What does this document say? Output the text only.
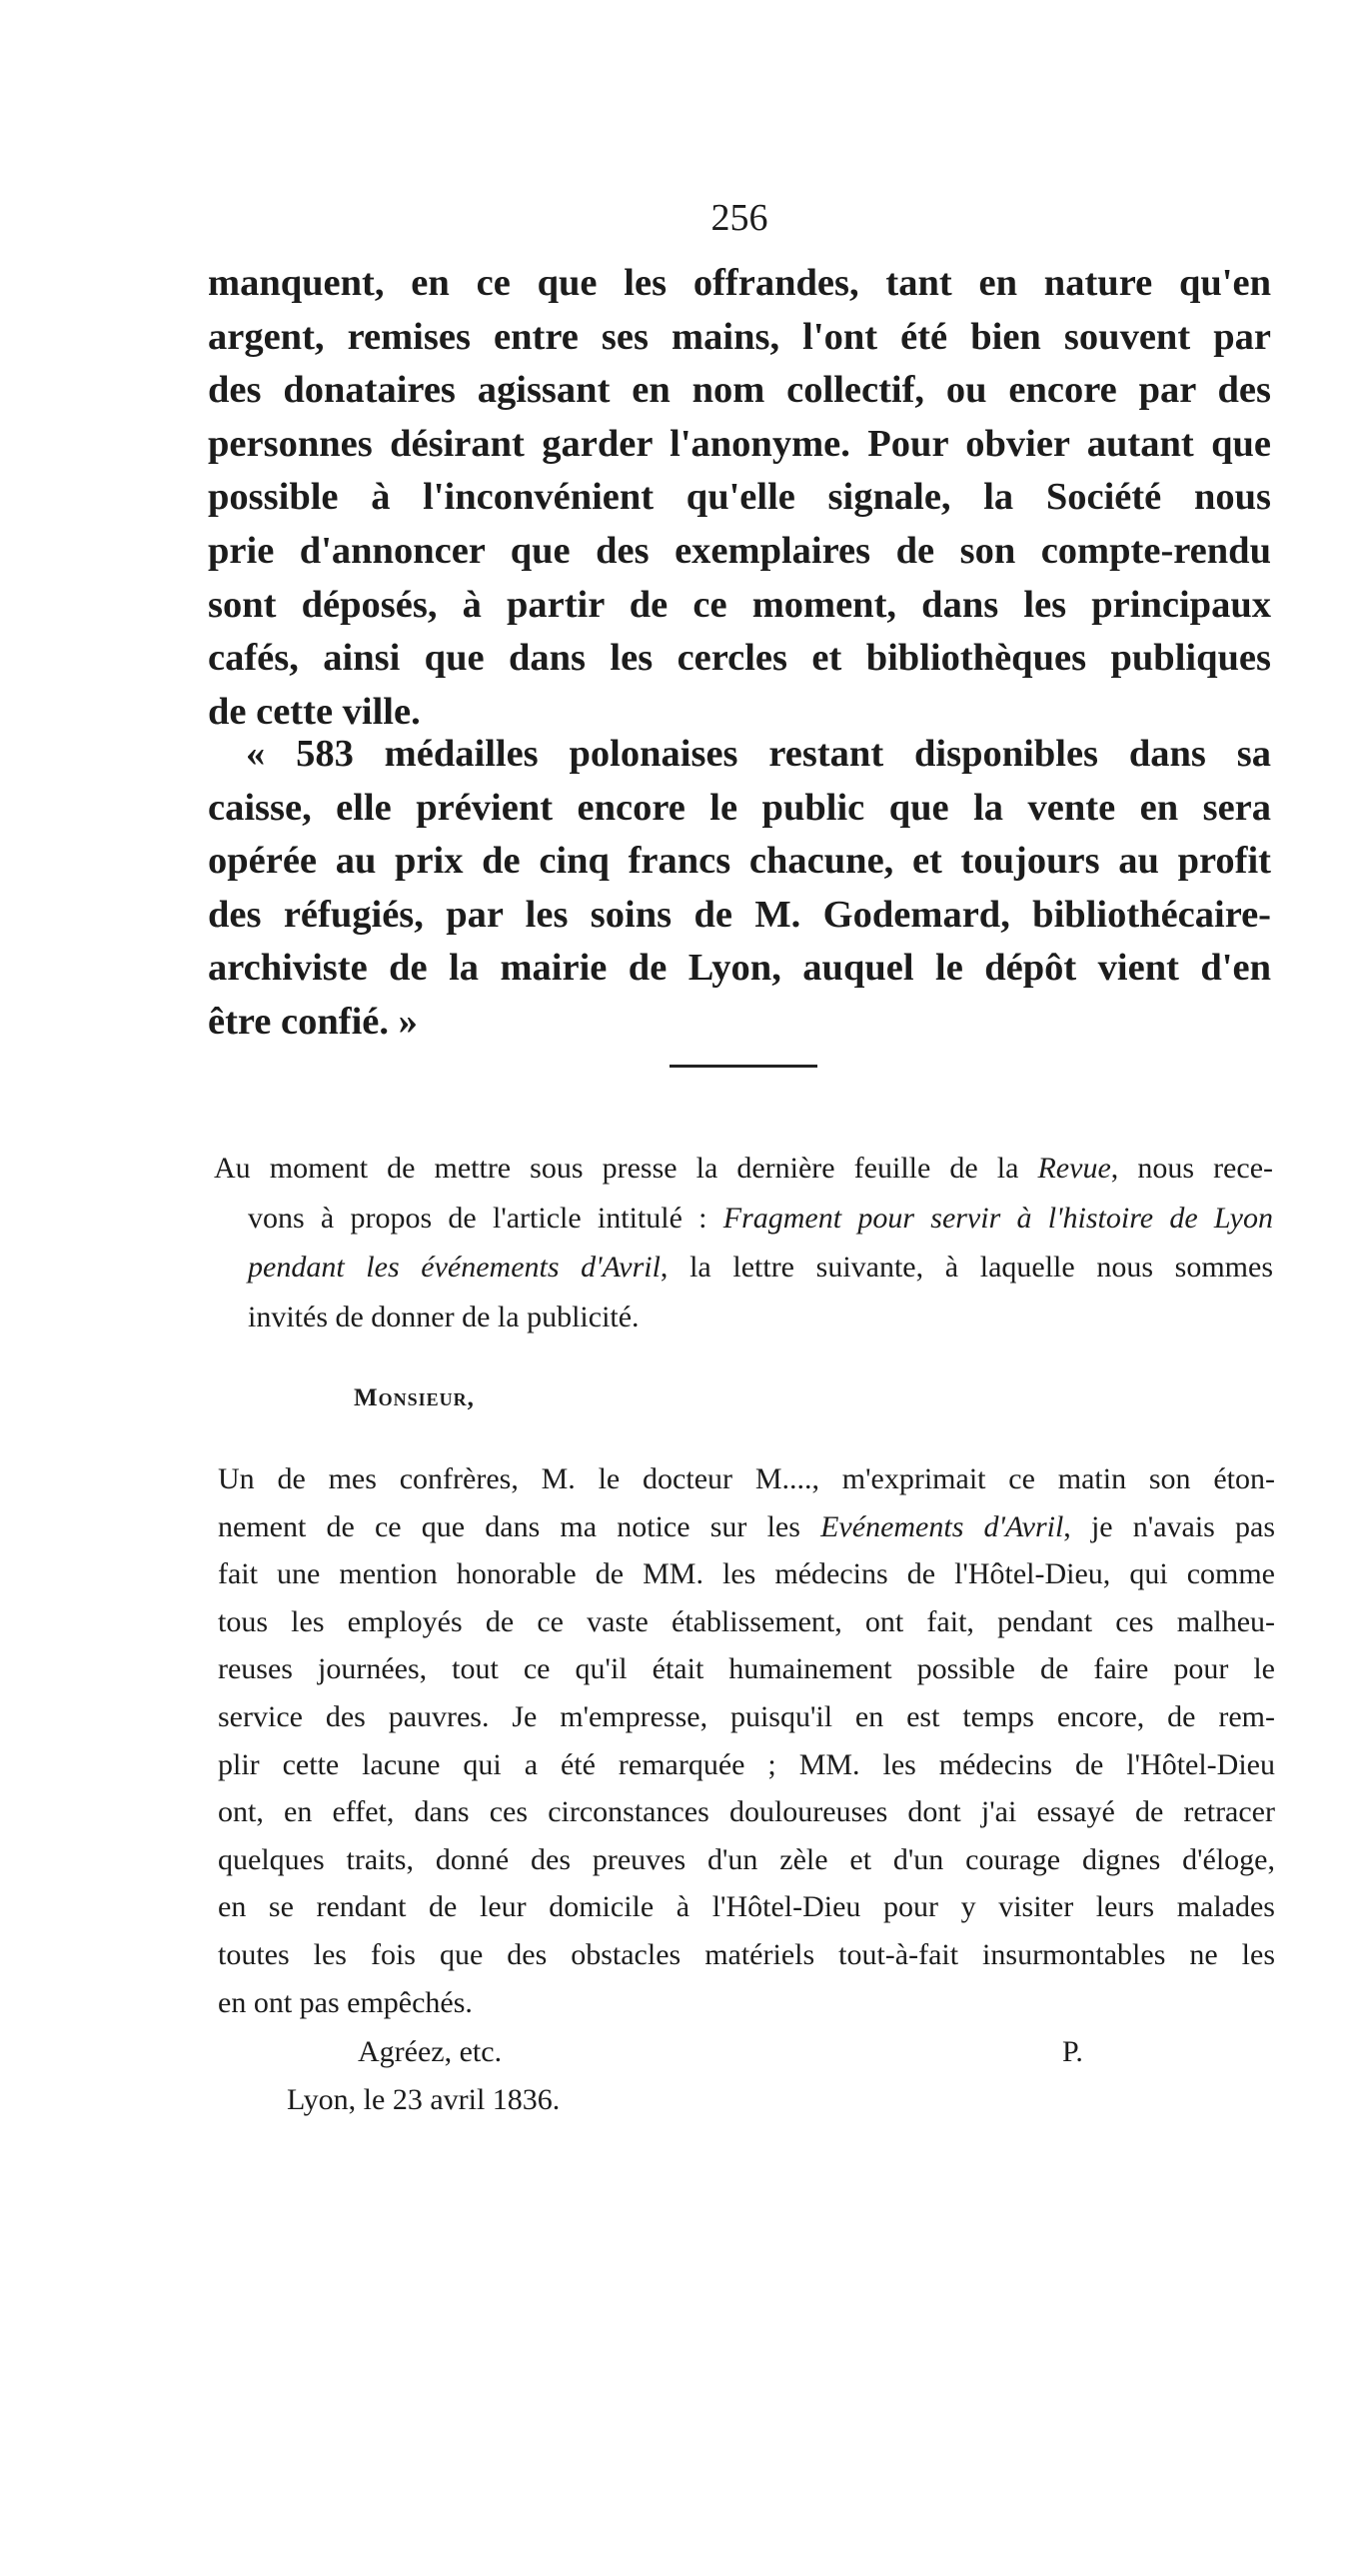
256
manquent, en ce que les offrandes, tant en nature qu'en
argent, remises entre ses mains, l'ont été bien souvent par
des donataires agissant en nom collectif, ou encore par des
personnes désirant garder l'anonyme. Pour obvier autant que
possible à l'inconvénient qu'elle signale, la Société nous
prie d'annoncer que des exemplaires de son compte-rendu
sont déposés, à partir de ce moment, dans les principaux
cafés, ainsi que dans les cercles et bibliothèques publiques
de cette ville.
« 583 médailles polonaises restant disponibles dans sa
caisse, elle prévient encore le public que la vente en sera
opérée au prix de cinq francs chacune, et toujours au profit
des réfugiés, par les soins de M. Godemard, bibliothécaire-
archiviste de la mairie de Lyon, auquel le dépôt vient d'en
être confié. »
Au moment de mettre sous presse la dernière feuille de la Revue, nous rece-
vons à propos de l'article intitulé : Fragment pour servir à l'histoire de Lyon
pendant les événements d'Avril, la lettre suivante, à laquelle nous sommes
invités de donner de la publicité.
Monsieur,
Un de mes confrères, M. le docteur M...., m'exprimait ce matin son éton-
nement de ce que dans ma notice sur les Evénements d'Avril, je n'avais pas
fait une mention honorable de MM. les médecins de l'Hôtel-Dieu, qui comme
tous les employés de ce vaste établissement, ont fait, pendant ces malheu-
reuses journées, tout ce qu'il était humainement possible de faire pour le
service des pauvres. Je m'empresse, puisqu'il en est temps encore, de rem-
plir cette lacune qui a été remarquée ; MM. les médecins de l'Hôtel-Dieu
ont, en effet, dans ces circonstances douloureuses dont j'ai essayé de retracer
quelques traits, donné des preuves d'un zèle et d'un courage dignes d'éloge,
en se rendant de leur domicile à l'Hôtel-Dieu pour y visiter leurs malades
toutes les fois que des obstacles matériels tout-à-fait insurmontables ne les
en ont pas empêchés.
Agréez, etc.	P.
Lyon, le 23 avril 1836.
